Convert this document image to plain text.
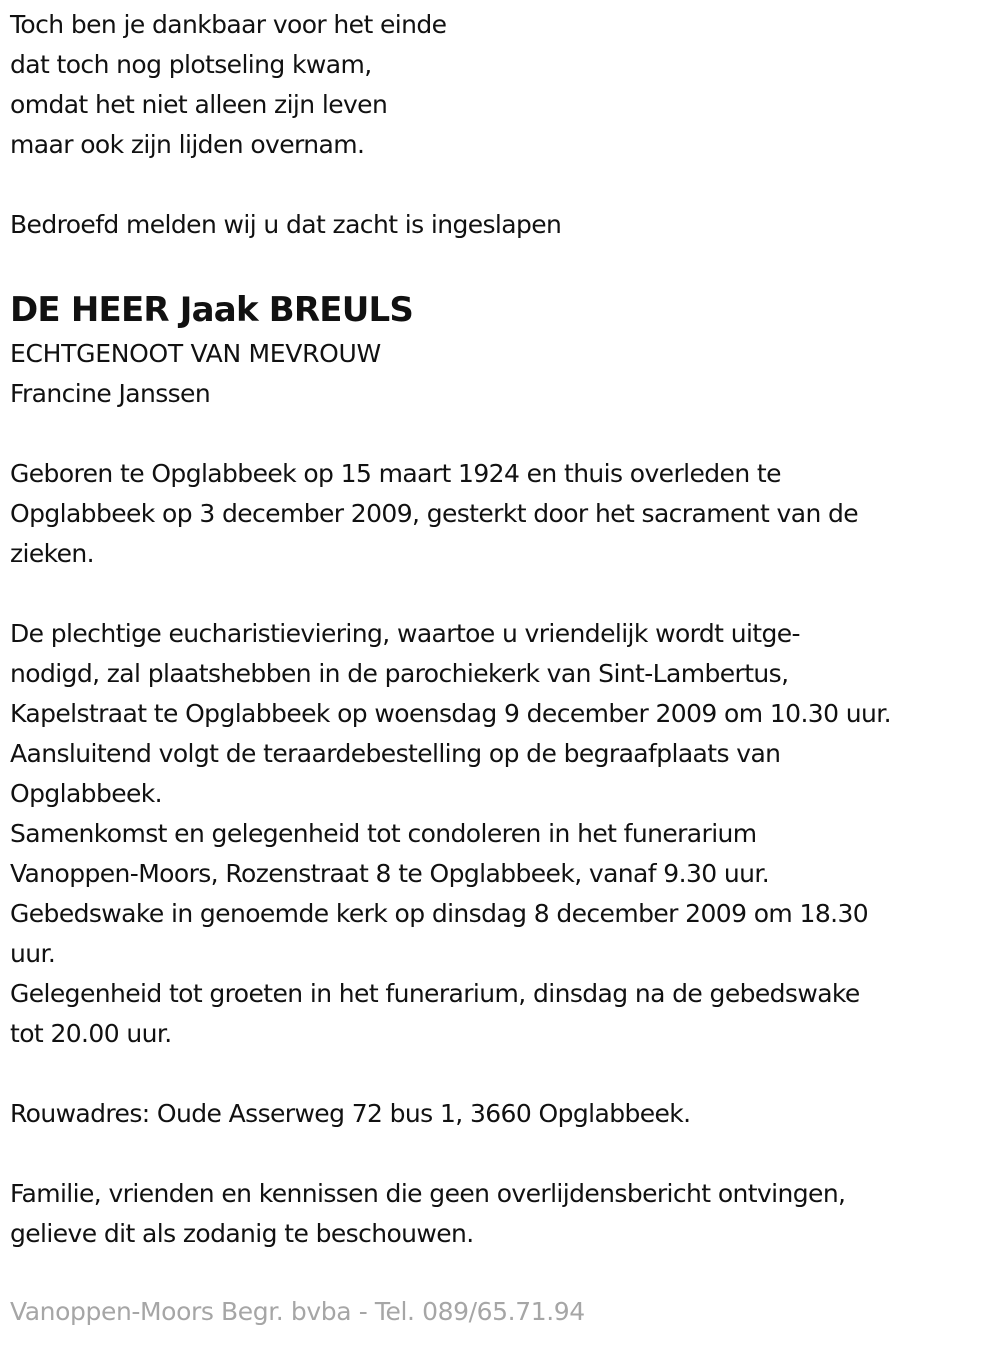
Toch ben je dankbaar voor het einde
dat toch nog plotseling kwam,
omdat het niet alleen zijn leven
maar ook zijn lijden overnam.
Bedroefd melden wij u dat zacht is ingeslapen
DE HEER Jaak BREULS
ECHTGENOOT VAN MEVROUW
Francine Janssen
Geboren te Opglabbeek op 15 maart 1924 en thuis overleden te
Opglabbeek op 3 december 2009, gesterkt door het sacrament van de
zieken.
De plechtige eucharistieviering, waartoe u vriendelijk wordt uitge-
nodigd, zal plaatshebben in de parochiekerk van Sint-Lambertus,
Kapelstraat te Opglabbeek op woensdag 9 december 2009 om 10.30 uur.
Aansluitend volgt de teraardebestelling op de begraafplaats van
Opglabbeek.
Samenkomst en gelegenheid tot condoleren in het funerarium
Vanoppen-Moors, Rozenstraat 8 te Opglabbeek, vanaf 9.30 uur.
Gebedswake in genoemde kerk op dinsdag 8 december 2009 om 18.30
uur.
Gelegenheid tot groeten in het funerarium, dinsdag na de gebedswake
tot 20.00 uur.
Rouwadres: Oude Asserweg 72 bus 1, 3660 Opglabbeek.
Familie, vrienden en kennissen die geen overlijdensbericht ontvingen,
gelieve dit als zodanig te beschouwen.
Vanoppen-Moors Begr. bvba - Tel. 089/65.71.94
